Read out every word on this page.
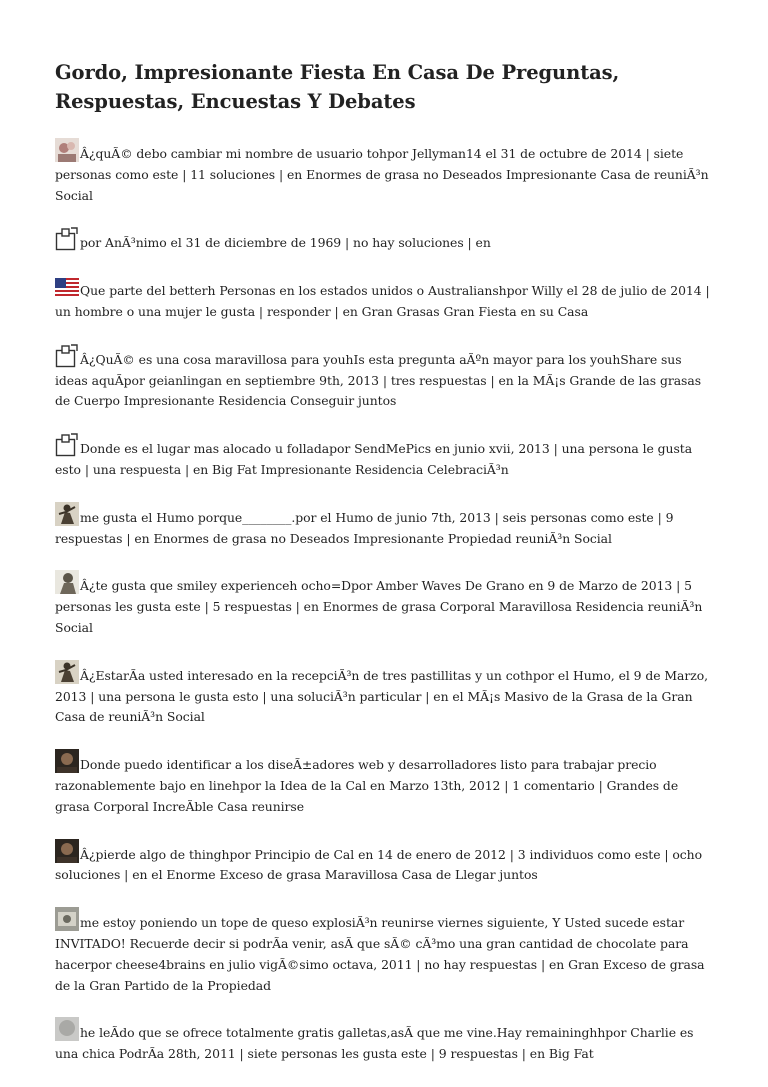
Gordo, Impresionante Fiesta En Casa De Preguntas, Respuestas, Encuestas Y Debates
Â¿quÃ© debo cambiar mi nombre de usuario tohpor Jellyman14 el 31 de octubre de 2014 | siete personas como este | 11 soluciones | en Enormes de grasa no Deseados Impresionante Casa de reuniÃ³n Social
por AnÃ³nimo el 31 de diciembre de 1969 | no hay soluciones | en
Que parte del betterh Personas en los estados unidos o Australianshpor Willy el 28 de julio de 2014 | un hombre o una mujer le gusta | responder | en Gran Grasas Gran Fiesta en su Casa
Â¿QuÃ© es una cosa maravillosa para youhIs esta pregunta aÃºn mayor para los youhShare sus ideas aquÃpor geianlingan en septiembre 9th, 2013 | tres respuestas | en la MÃ¡s Grande de las grasas de Cuerpo Impresionante Residencia Conseguir juntos
Donde es el lugar mas alocado u folladapor SendMePics en junio xvii, 2013 | una persona le gusta esto | una respuesta | en Big Fat Impresionante Residencia CelebraciÃ³n
me gusta el Humo porque________.por el Humo de junio 7th, 2013 | seis personas como este | 9 respuestas | en Enormes de grasa no Deseados Impresionante Propiedad reuniÃ³n Social
Â¿te gusta que smiley experienceh ocho=Dpor Amber Waves De Grano en 9 de Marzo de 2013 | 5 personas les gusta este | 5 respuestas | en Enormes de grasa Corporal Maravillosa Residencia reuniÃ³n Social
Â¿EstarÃa usted interesado en la recepciÃ³n de tres pastillitas y un cothpor el Humo, el 9 de Marzo, 2013 | una persona le gusta esto | una soluciÃ³n particular | en el MÃ¡s Masivo de la Grasa de la Gran Casa de reuniÃ³n Social
Donde puedo identificar a los diseÃ±adores web y desarrolladores listo para trabajar precio razonablemente bajo en linehpor la Idea de la Cal en Marzo 13th, 2012 | 1 comentario | Grandes de grasa Corporal IncreÃble Casa reunirse
Â¿pierde algo de thinghpor Principio de Cal en 14 de enero de 2012 | 3 individuos como este | ocho soluciones | en el Enorme Exceso de grasa Maravillosa Casa de Llegar juntos
me estoy poniendo un tope de queso explosiÃ³n reunirse viernes siguiente, Y Usted sucede estar INVITADO! Recuerde decir si podrÃa venir, asÃ que sÃ© cÃ³mo una gran cantidad de chocolate para hacerpor cheese4brains en julio vigÃ©simo octava, 2011 | no hay respuestas | en Gran Exceso de grasa de la Gran Partido de la Propiedad
he leÃdo que se ofrece totalmente gratis galletas,asÃ que me vine.Hay remaininghhpor Charlie es una chica PodrÃa 28th, 2011 | siete personas les gusta este | 9 respuestas | en Big Fat
